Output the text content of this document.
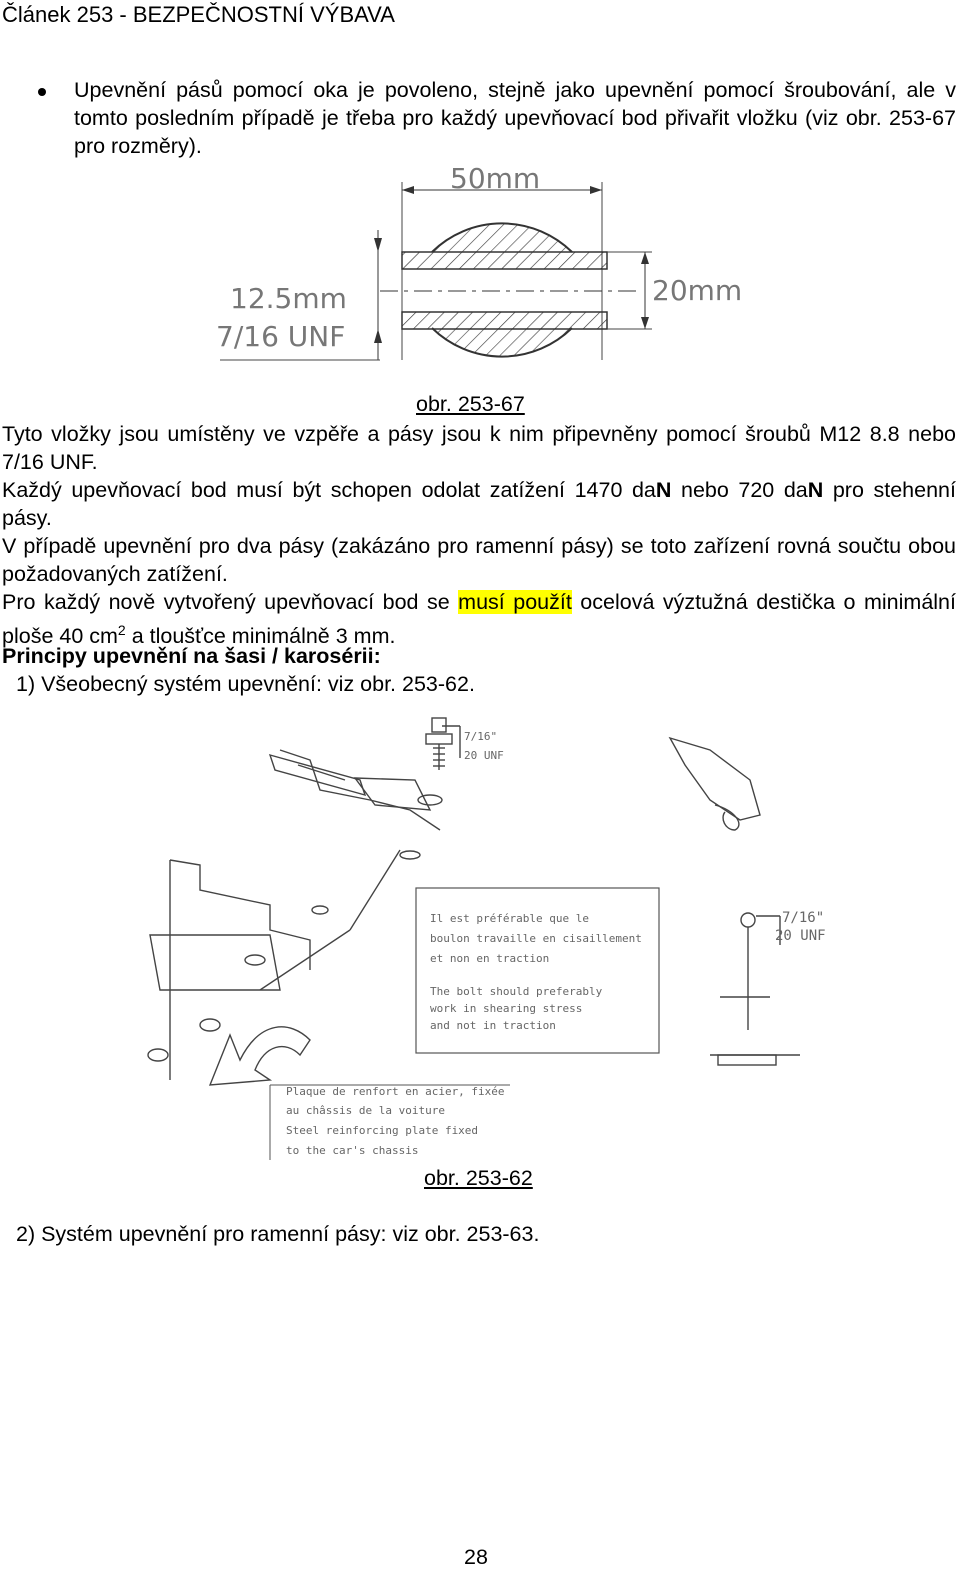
Článek 253 - BEZPEČNOSTNÍ VÝBAVA
Upevnění pásů pomocí oka je povoleno, stejně jako upevnění pomocí šroubování, ale v tomto posledním případě je třeba pro každý upevňovací bod přivařit vložku (viz obr. 253-67 pro rozměry).
50mm
12.5mm
7/16 UNF
20mm
obr. 253-67
Tyto vložky jsou umístěny ve vzpěře a pásy jsou k nim připevněny pomocí šroubů M12 8.8 nebo 7/16 UNF.
Každý upevňovací bod musí být schopen odolat zatížení 1470 daN nebo 720 daN pro stehenní pásy.
V případě upevnění pro dva pásy (zakázáno pro ramenní pásy) se toto zařízení rovná součtu obou požadovaných zatížení.
Pro každý nově vytvořený upevňovací bod se musí použít ocelová výztužná destička o minimální ploše 40 $cm^2$ a tloušťce minimálně 3 mm.
Principy upevnění na šasi / karosérii:
1) Všeobecný systém upevnění: viz obr. 253-62.
7/16"
20 UNF
Il est préférable que le
boulon travaille en cisaillement
et non en traction
The bolt should preferably
work in shearing stress
and not in traction
7/16"
20 UNF
Plaque de renfort en acier, fixée
au châssis de la voiture
Steel reinforcing plate fixed
to the car's chassis
obr. 253-62
2) Systém upevnění pro ramenní pásy: viz obr. 253-63.
28
